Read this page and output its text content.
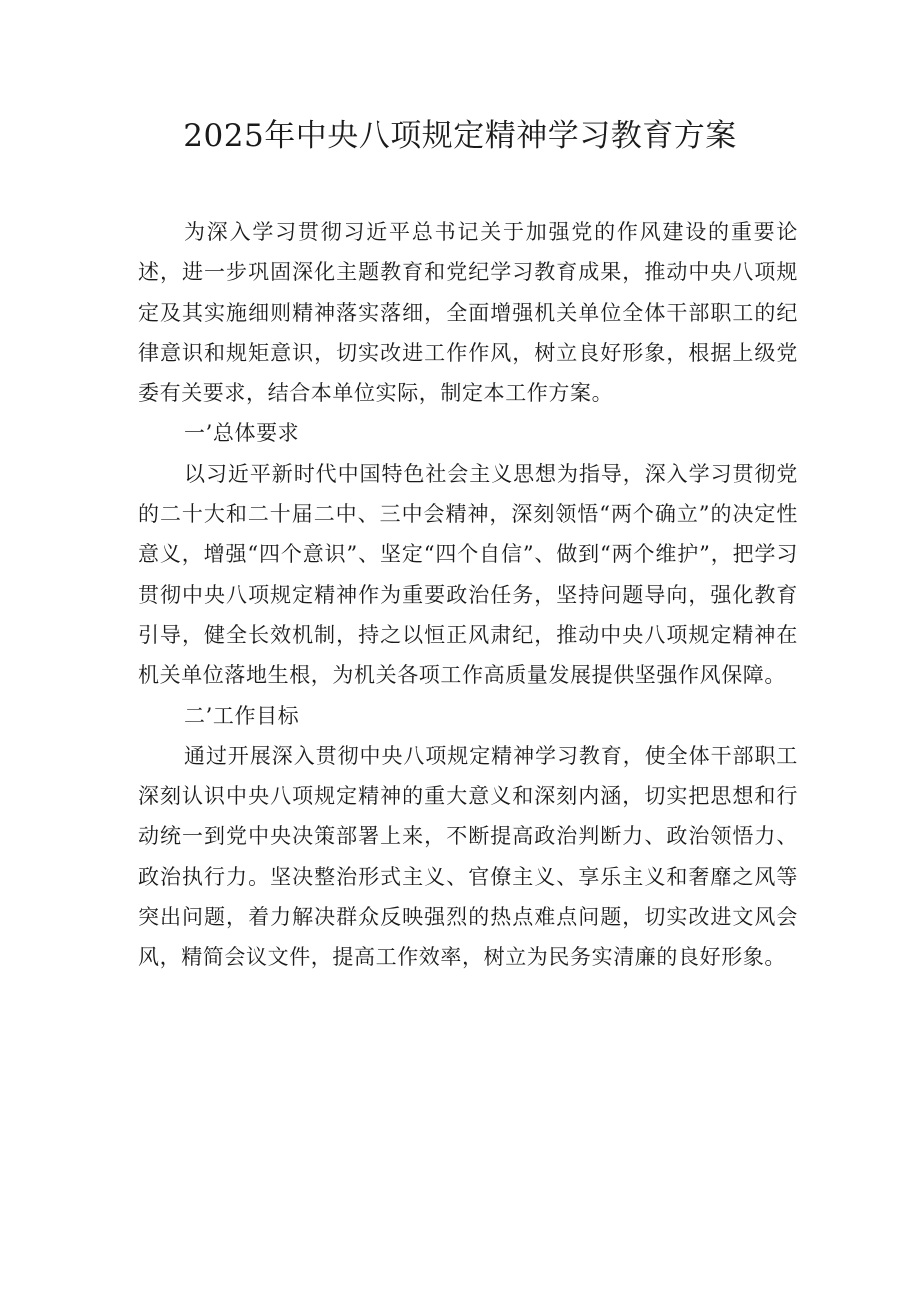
2025年中央八项规定精神学习教育方案

为深入学习贯彻习近平总书记关于加强党的作风建设的重要论述，进一步巩固深化主题教育和党纪学习教育成果，推动中央八项规定及其实施细则精神落实落细，全面增强机关单位全体干部职工的纪律意识和规矩意识，切实改进工作作风，树立良好形象，根据上级党委有关要求，结合本单位实际，制定本工作方案。

一’总体要求

以习近平新时代中国特色社会主义思想为指导，深入学习贯彻党的二十大和二十届二中、三中会精神，深刻领悟“两个确立”的决定性意义，增强“四个意识”、坚定“四个自信”、做到“两个维护”，把学习贯彻中央八项规定精神作为重要政治任务，坚持问题导向，强化教育引导，健全长效机制，持之以恒正风肃纪，推动中央八项规定精神在机关单位落地生根，为机关各项工作高质量发展提供坚强作风保障。

二’工作目标

通过开展深入贯彻中央八项规定精神学习教育，使全体干部职工深刻认识中央八项规定精神的重大意义和深刻内涵，切实把思想和行动统一到党中央决策部署上来，不断提高政治判断力、政治领悟力、政治执行力。坚决整治形式主义、官僚主义、享乐主义和奢靡之风等突出问题，着力解决群众反映强烈的热点难点问题，切实改进文风会风，精简会议文件，提高工作效率，树立为民务实清廉的良好形象。
